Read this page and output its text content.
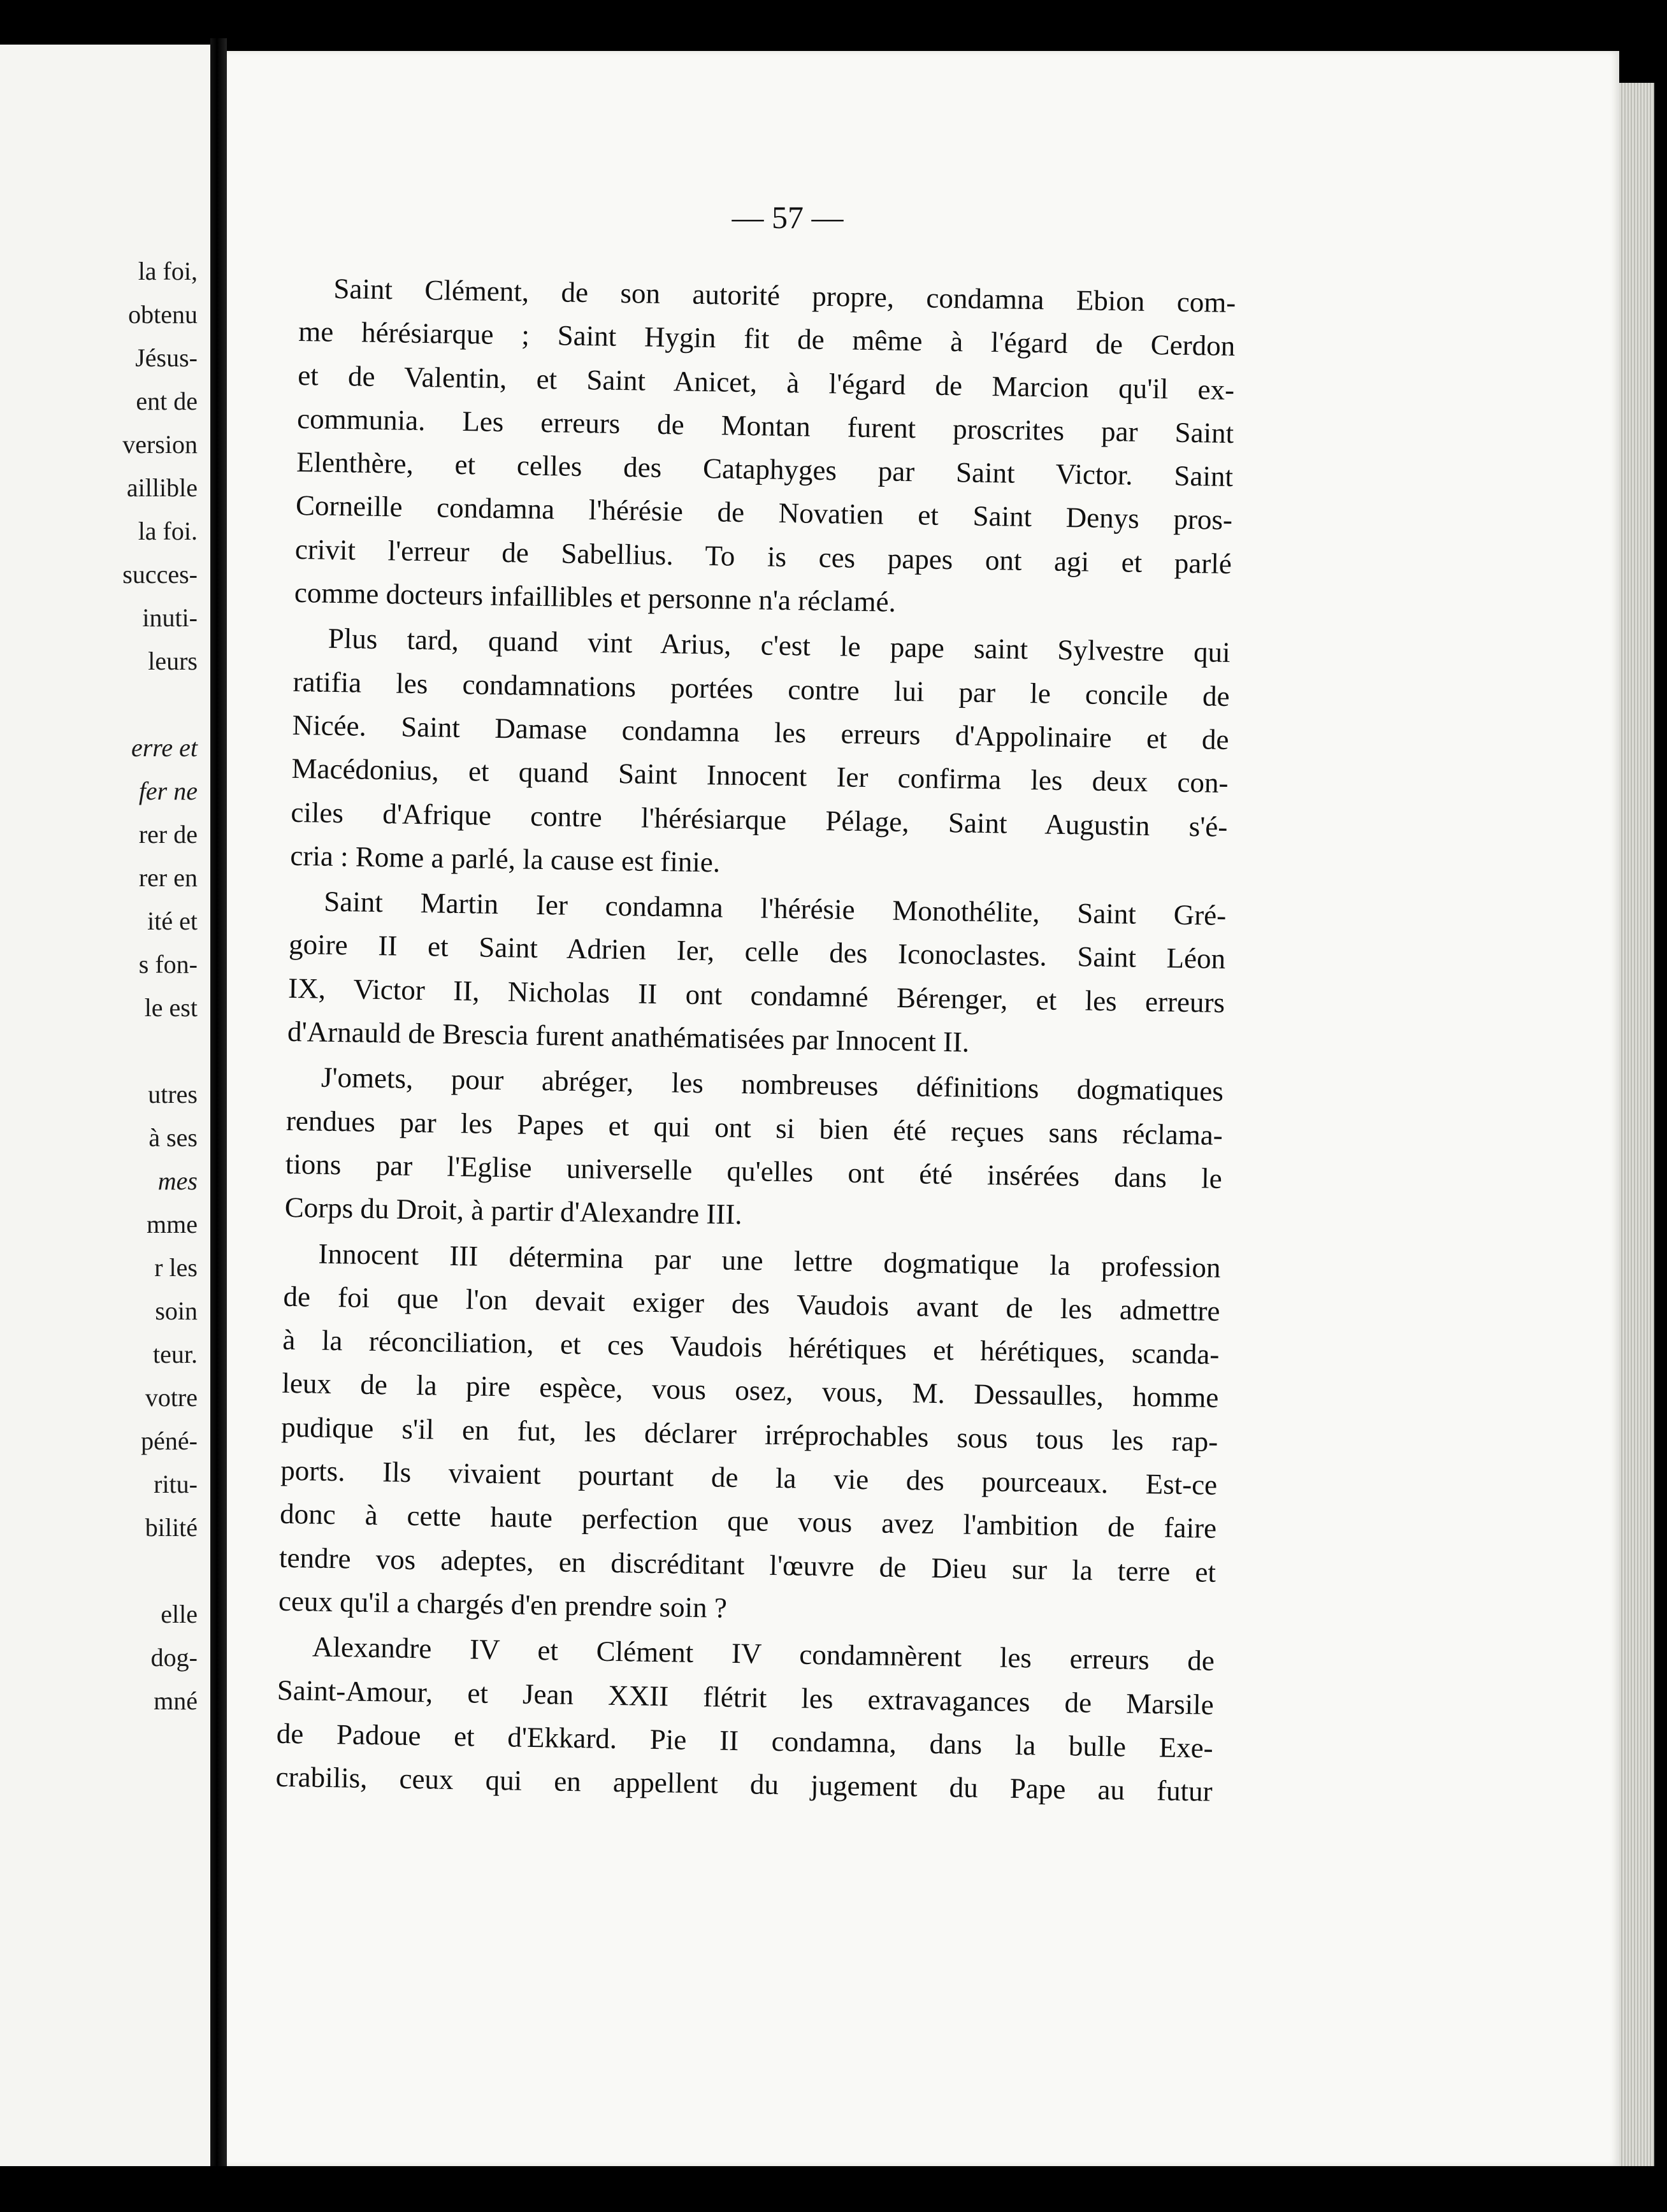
la foi,
obtenu
Jésus-
ent de
version
aillible
la foi.
succes-
inuti-
leurs
erre et
fer ne
rer de
rer en
ité et
s fon-
le est
utres
à ses
mes
mme
r les
soin
teur.
votre
péné-
ritu-
bilité
elle
dog-
mné
— 57 —
Saint Clément, de son autorité propre, condamna Ebion com-
me hérésiarque ; Saint Hygin fit de même à l'égard de Cerdon
et de Valentin, et Saint Anicet, à l'égard de Marcion qu'il ex-
communia. Les erreurs de Montan furent proscrites par Saint
Elenthère, et celles des Cataphyges par Saint Victor. Saint
Corneille condamna l'hérésie de Novatien et Saint Denys pros-
crivit l'erreur de Sabellius. To is ces papes ont agi et parlé
comme docteurs infaillibles et personne n'a réclamé.
Plus tard, quand vint Arius, c'est le pape saint Sylvestre qui
ratifia les condamnations portées contre lui par le concile de
Nicée. Saint Damase condamna les erreurs d'Appolinaire et de
Macédonius, et quand Saint Innocent Ier confirma les deux con-
ciles d'Afrique contre l'hérésiarque Pélage, Saint Augustin s'é-
cria : Rome a parlé, la cause est finie.
Saint Martin Ier condamna l'hérésie Monothélite, Saint Gré-
goire II et Saint Adrien Ier, celle des Iconoclastes. Saint Léon
IX, Victor II, Nicholas II ont condamné Bérenger, et les erreurs
d'Arnauld de Brescia furent anathématisées par Innocent II.
J'omets, pour abréger, les nombreuses définitions dogmatiques
rendues par les Papes et qui ont si bien été reçues sans réclama-
tions par l'Eglise universelle qu'elles ont été insérées dans le
Corps du Droit, à partir d'Alexandre III.
Innocent III détermina par une lettre dogmatique la profession
de foi que l'on devait exiger des Vaudois avant de les admettre
à la réconciliation, et ces Vaudois hérétiques et hérétiques, scanda-
leux de la pire espèce, vous osez, vous, M. Dessaulles, homme
pudique s'il en fut, les déclarer irréprochables sous tous les rap-
ports. Ils vivaient pourtant de la vie des pourceaux. Est-ce
donc à cette haute perfection que vous avez l'ambition de faire
tendre vos adeptes, en discréditant l'œuvre de Dieu sur la terre et
ceux qu'il a chargés d'en prendre soin ?
Alexandre IV et Clément IV condamnèrent les erreurs de
Saint-Amour, et Jean XXII flétrit les extravagances de Marsile
de Padoue et d'Ekkard. Pie II condamna, dans la bulle Exe-
crabilis, ceux qui en appellent du jugement du Pape au futur
